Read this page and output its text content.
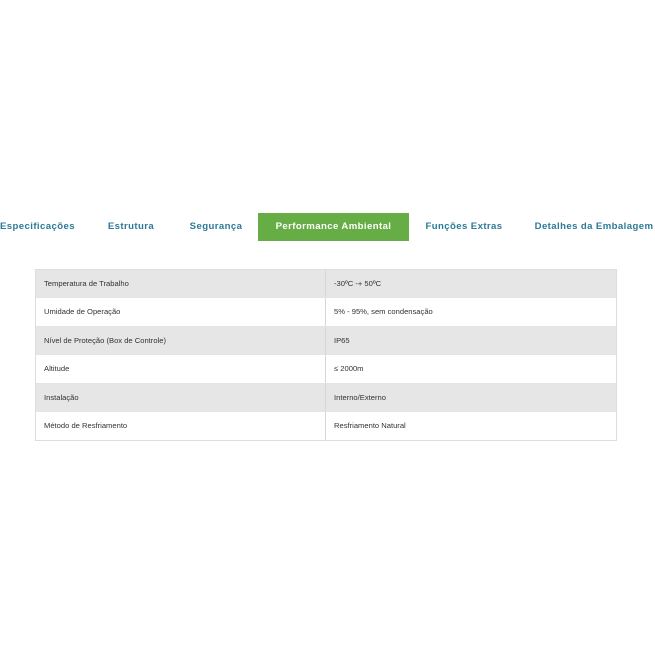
Especificações	Estrutura	Segurança	Performance Ambiental	Funções Extras	Detalhes da Embalagem
Temperatura de Trabalho	-30ºC -+ 50ºC
Umidade de Operação	5% - 95%, sem condensação
Nível de Proteção (Box de Controle)	IP65
Altitude	≤ 2000m
Instalação	Interno/Externo
Método de Resfriamento	Resfriamento Natural
